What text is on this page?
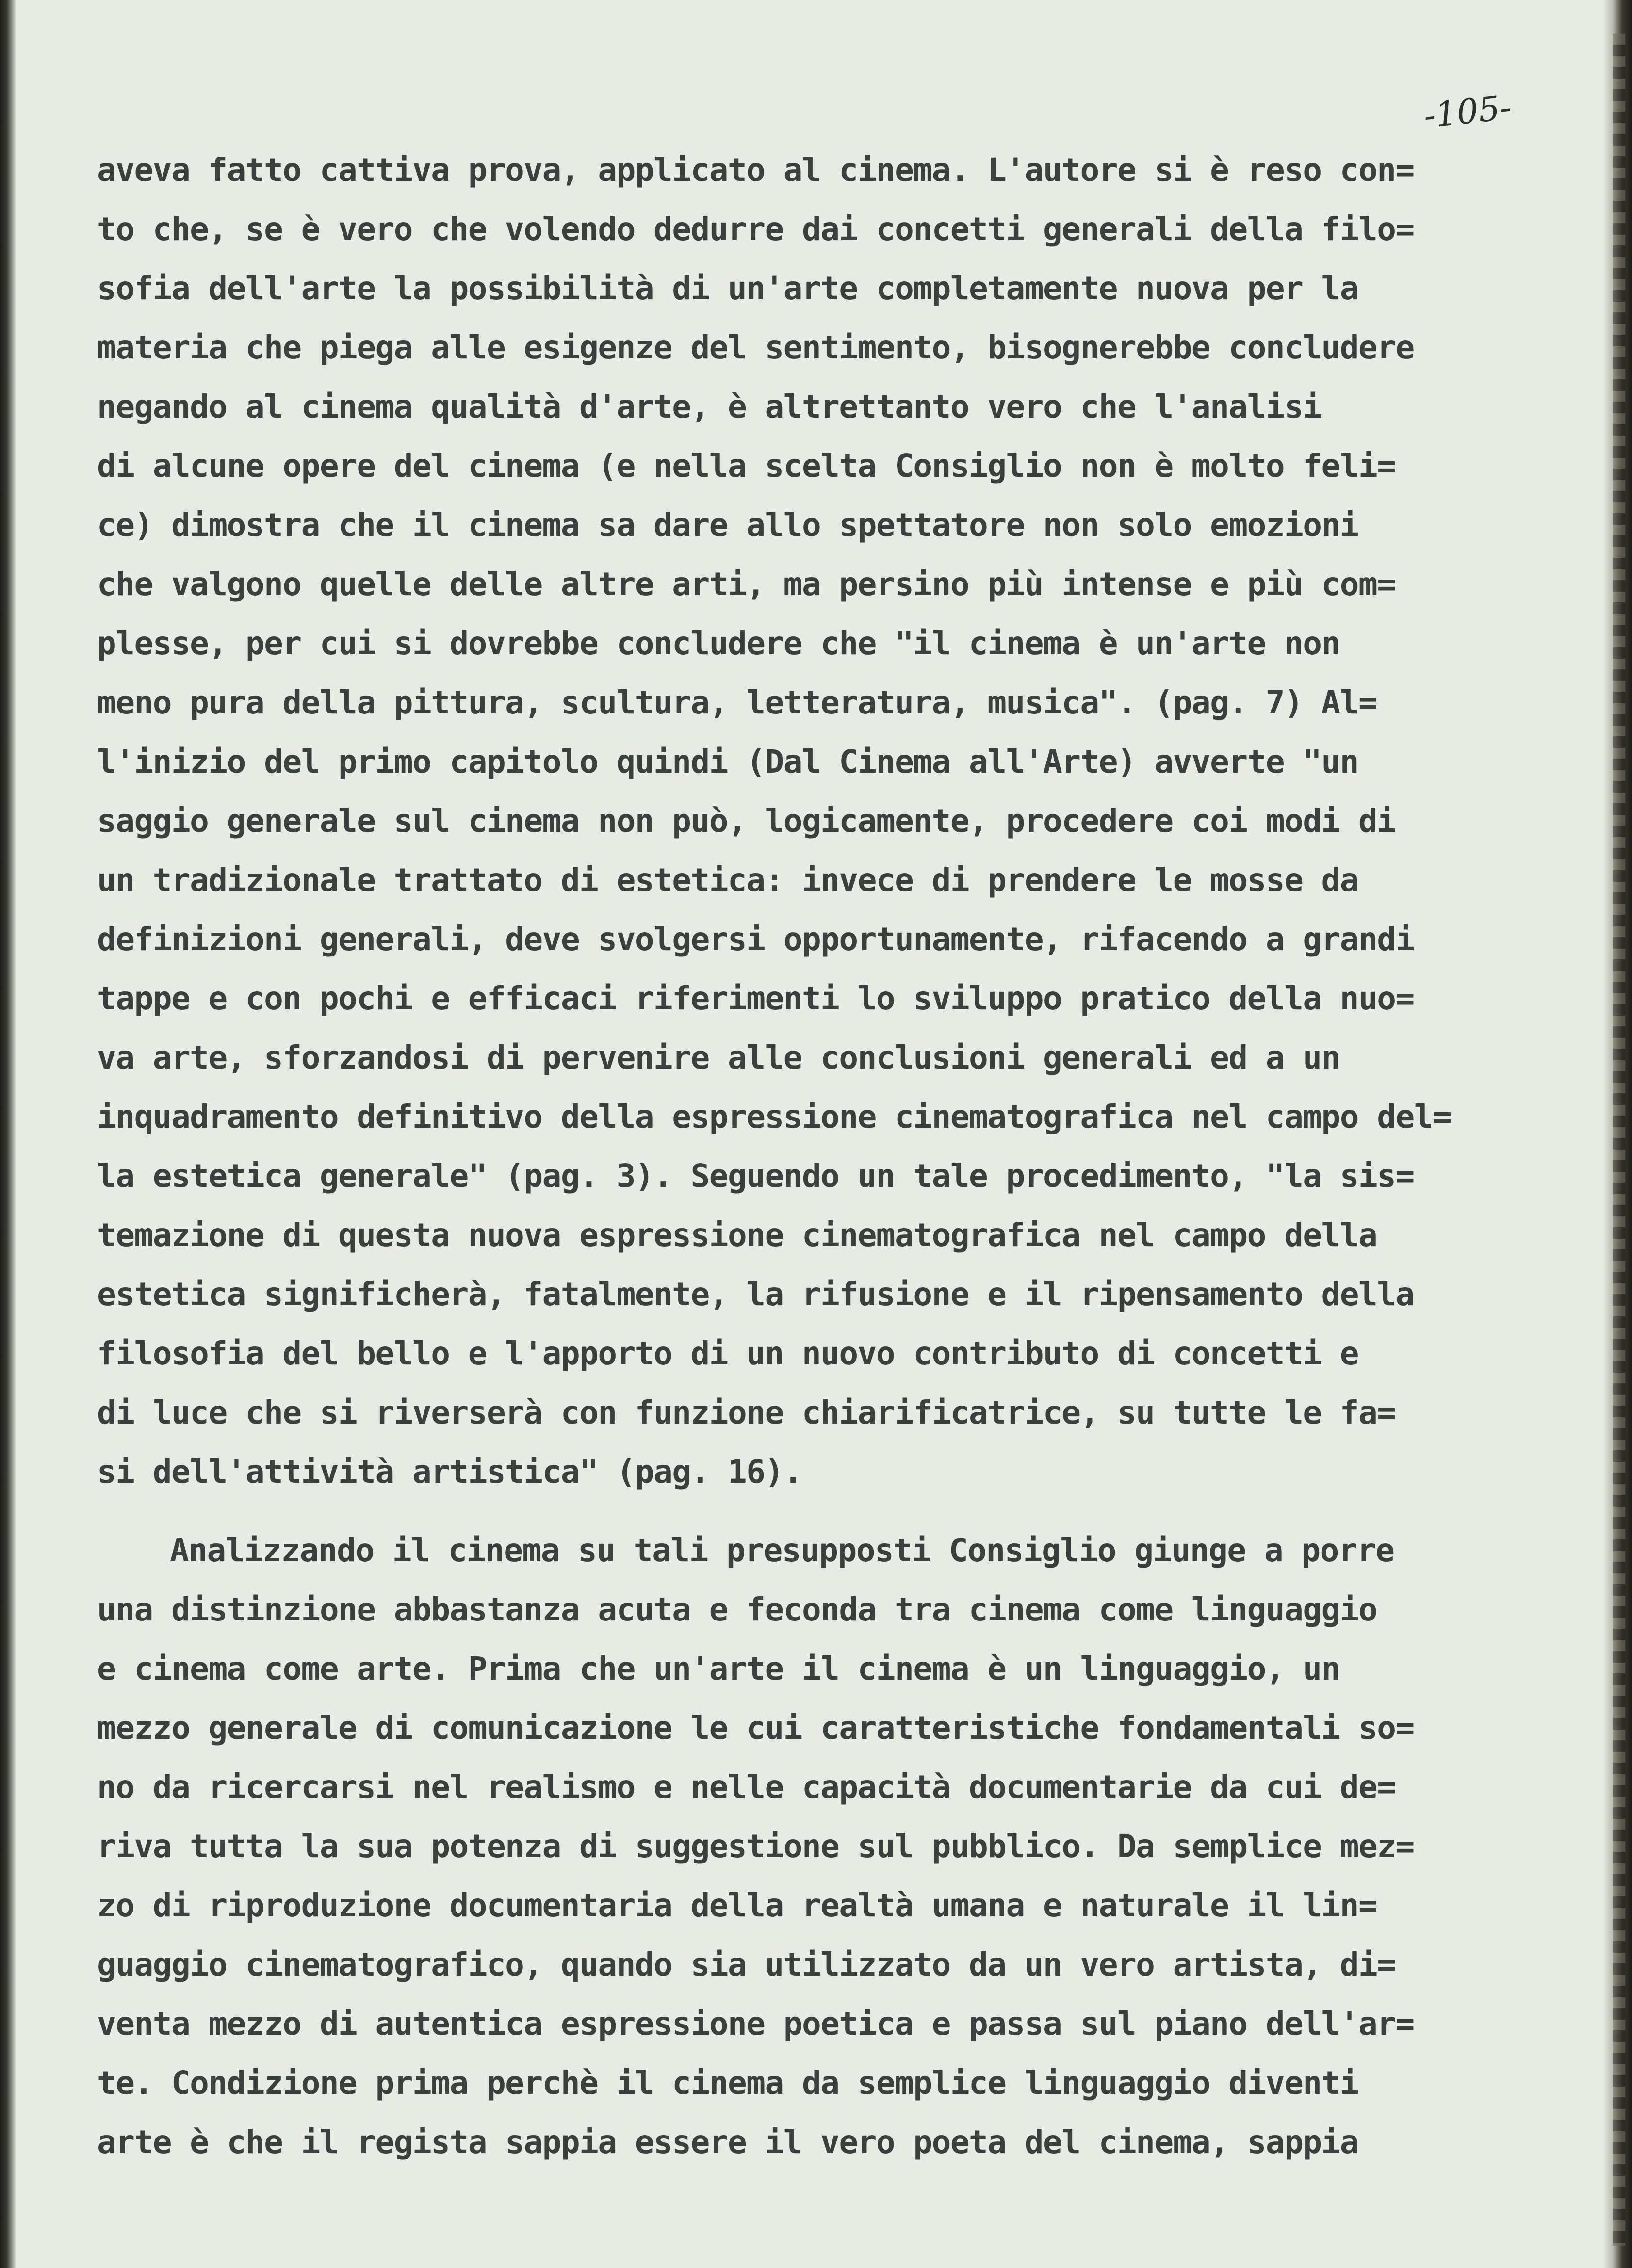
-105-
aveva fatto cattiva prova, applicato al cinema. L'autore si è reso con=
to che, se è vero che volendo dedurre dai concetti generali della filo=
sofia dell'arte la possibilità di un'arte completamente nuova per la
materia che piega alle esigenze del sentimento, bisognerebbe concludere
negando al cinema qualità d'arte, è altrettanto vero che l'analisi
di alcune opere del cinema (e nella scelta Consiglio non è molto feli=
ce) dimostra che il cinema sa dare allo spettatore non solo emozioni
che valgono quelle delle altre arti, ma persino più intense e più com=
plesse, per cui si dovrebbe concludere che "il cinema è un'arte non
meno pura della pittura, scultura, letteratura, musica". (pag. 7) Al=
l'inizio del primo capitolo quindi (Dal Cinema all'Arte) avverte "un
saggio generale sul cinema non può, logicamente, procedere coi modi di
un tradizionale trattato di estetica: invece di prendere le mosse da
definizioni generali, deve svolgersi opportunamente, rifacendo a grandi
tappe e con pochi e efficaci riferimenti lo sviluppo pratico della nuo=
va arte, sforzandosi di pervenire alle conclusioni generali ed a un
inquadramento definitivo della espressione cinematografica nel campo del=
la estetica generale" (pag. 3). Seguendo un tale procedimento, "la sis=
temazione di questa nuova espressione cinematografica nel campo della
estetica significherà, fatalmente, la rifusione e il ripensamento della
filosofia del bello e l'apporto di un nuovo contributo di concetti e
di luce che si riverserà con funzione chiarificatrice, su tutte le fa=
si dell'attività artistica" (pag. 16).
Analizzando il cinema su tali presupposti Consiglio giunge a porre
una distinzione abbastanza acuta e feconda tra cinema come linguaggio
e cinema come arte. Prima che un'arte il cinema è un linguaggio, un
mezzo generale di comunicazione le cui caratteristiche fondamentali so=
no da ricercarsi nel realismo e nelle capacità documentarie da cui de=
riva tutta la sua potenza di suggestione sul pubblico. Da semplice mez=
zo di riproduzione documentaria della realtà umana e naturale il lin=
guaggio cinematografico, quando sia utilizzato da un vero artista, di=
venta mezzo di autentica espressione poetica e passa sul piano dell'ar=
te. Condizione prima perchè il cinema da semplice linguaggio diventi
arte è che il regista sappia essere il vero poeta del cinema, sappia
